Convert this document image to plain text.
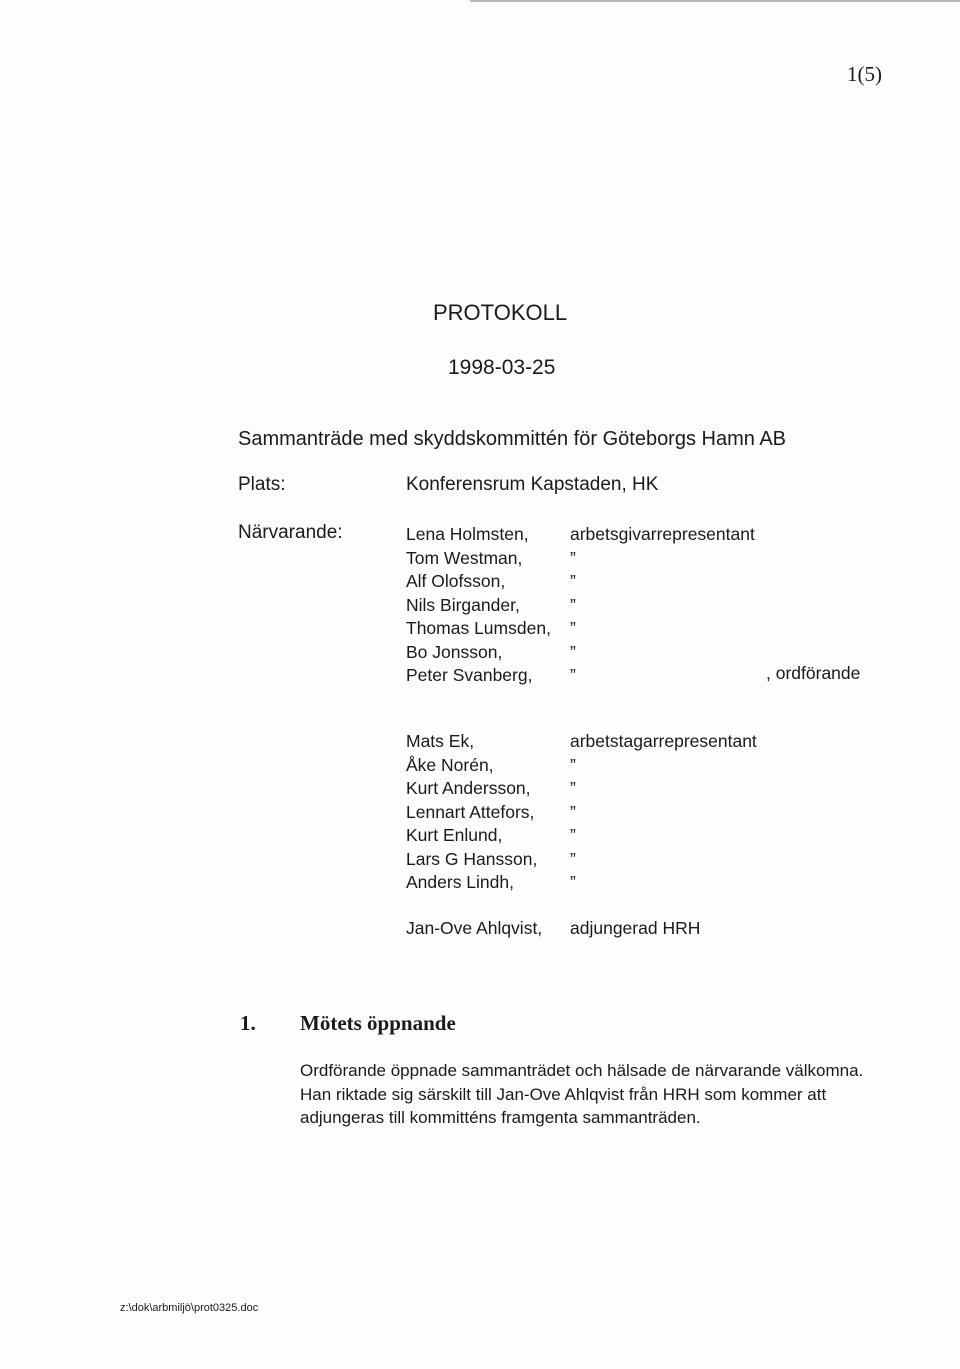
1(5)
PROTOKOLL
1998-03-25
Sammanträde med skyddskommittén för Göteborgs Hamn AB
Plats:	Konferensrum Kapstaden, HK
Närvarande:	Lena Holmsten,	arbetsgivarrepresentant
Tom Westman,	”
Alf Olofsson,	”
Nils Birgander,	”
Thomas Lumsden,	”
Bo Jonsson,	”
Peter Svanberg,	”	, ordförande
Mats Ek,	arbetstagarrepresentant
Åke Norén,	”
Kurt Andersson,	”
Lennart Attefors,	”
Kurt Enlund,	”
Lars G Hansson,	”
Anders Lindh,	”
Jan-Ove Ahlqvist,	adjungerad HRH
1. Mötets öppnande
Ordförande öppnade sammanträdet och hälsade de närvarande välkomna. Han riktade sig särskilt till Jan-Ove Ahlqvist från HRH som kommer att adjungeras till kommitténs framgenta sammanträden.
z:\dok\arbmiljö\prot0325.doc
